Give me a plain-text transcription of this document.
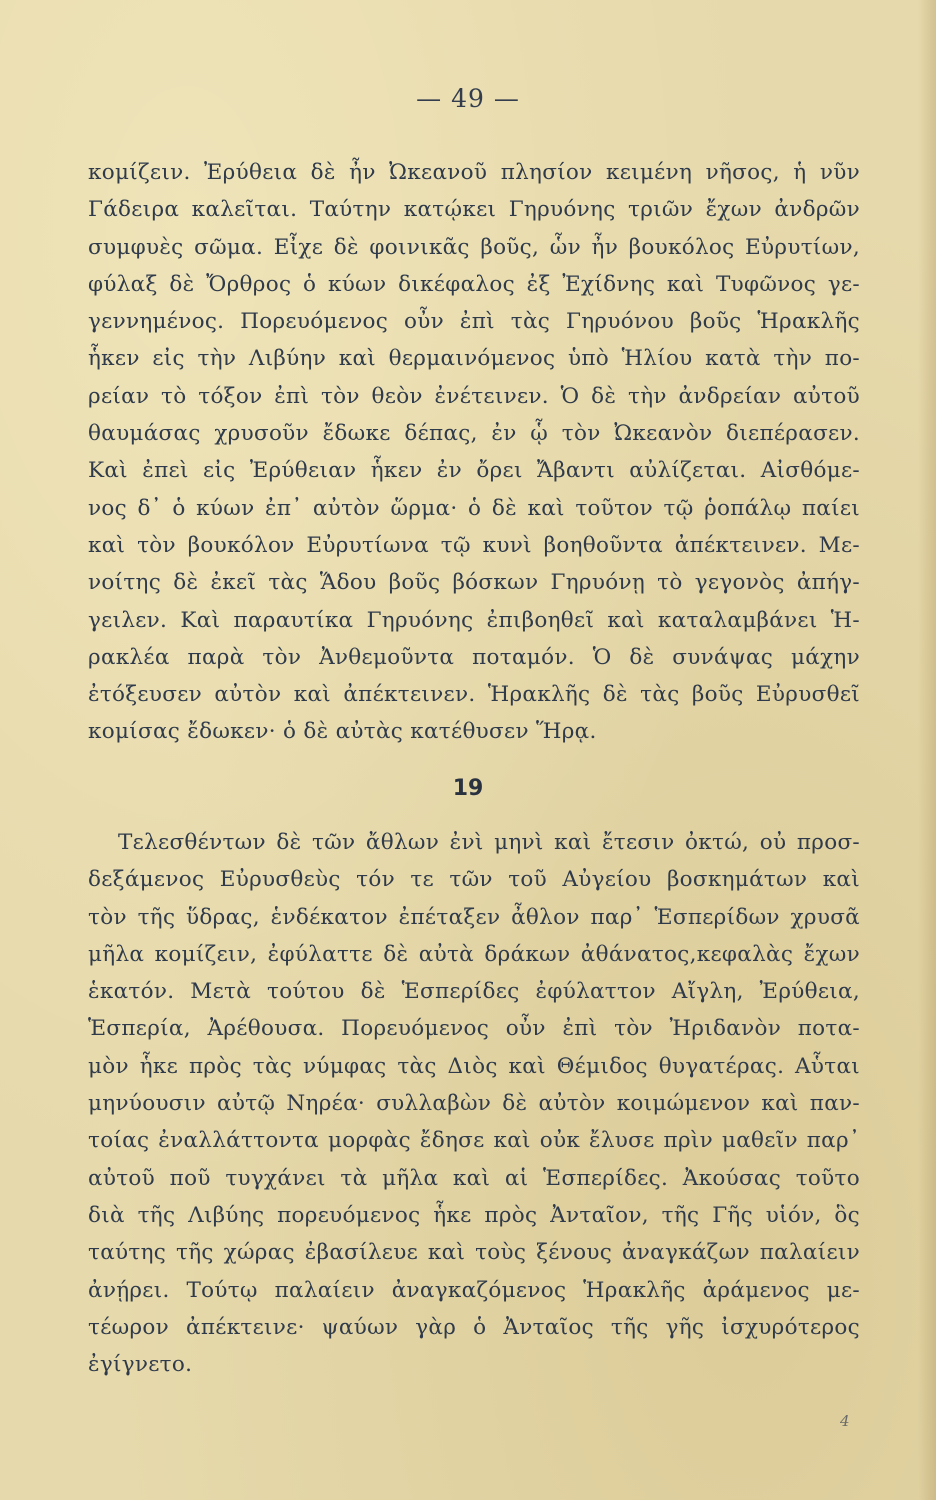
— 49 —
κομίζειν. Ἐρύθεια δὲ ἦν Ὠκεανοῦ πλησίον κειμένη νῆσος, ἡ νῦν
Γάδειρα καλεῖται. Ταύτην κατῴκει Γηρυόνης τριῶν ἔχων ἀνδρῶν
συμφυὲς σῶμα. Εἶχε δὲ φοινικᾶς βοῦς, ὧν ἦν βουκόλος Εὐρυτίων,
φύλαξ δὲ Ὄρθρος ὁ κύων δικέφαλος ἐξ Ἐχίδνης καὶ Τυφῶνος γε-
γεννημένος. Πορευόμενος οὖν ἐπὶ τὰς Γηρυόνου βοῦς Ἡρακλῆς
ἧκεν εἰς τὴν Λιβύην καὶ θερμαινόμενος ὑπὸ Ἡλίου κατὰ τὴν πο-
ρείαν τὸ τόξον ἐπὶ τὸν θεὸν ἐνέτεινεν. Ὁ δὲ τὴν ἀνδρείαν αὐτοῦ
θαυμάσας χρυσοῦν ἔδωκε δέπας, ἐν ᾧ τὸν Ὠκεανὸν διεπέρασεν.
Καὶ ἐπεὶ εἰς Ἐρύθειαν ἧκεν ἐν ὄρει Ἄβαντι αὐλίζεται. Αἰσθόμε-
νος δ᾽ ὁ κύων ἐπ᾽ αὐτὸν ὥρμα· ὁ δὲ καὶ τοῦτον τῷ ῥοπάλῳ παίει
καὶ τὸν βουκόλον Εὐρυτίωνα τῷ κυνὶ βοηθοῦντα ἀπέκτεινεν. Με-
νοίτης δὲ ἐκεῖ τὰς Ἅδου βοῦς βόσκων Γηρυόνῃ τὸ γεγονὸς ἀπήγ-
γειλεν. Καὶ παραυτίκα Γηρυόνης ἐπιβοηθεῖ καὶ καταλαμβάνει Ἡ-
ρακλέα παρὰ τὸν Ἀνθεμοῦντα ποταμόν. Ὁ δὲ συνάψας μάχην
ἐτόξευσεν αὐτὸν καὶ ἀπέκτεινεν. Ἡρακλῆς δὲ τὰς βοῦς Εὐρυσθεῖ
κομίσας ἔδωκεν· ὁ δὲ αὐτὰς κατέθυσεν Ἥρᾳ.
19
Τελεσθέντων δὲ τῶν ἄθλων ἐνὶ μηνὶ καὶ ἔτεσιν ὀκτώ, οὐ προσ-
δεξάμενος Εὐρυσθεὺς τόν τε τῶν τοῦ Αὐγείου βοσκημάτων καὶ
τὸν τῆς ὕδρας, ἑνδέκατον ἐπέταξεν ἆθλον παρ᾽ Ἑσπερίδων χρυσᾶ
μῆλα κομίζειν, ἐφύλαττε δὲ αὐτὰ δράκων ἀθάνατος,κεφαλὰς ἔχων
ἑκατόν. Μετὰ τούτου δὲ Ἑσπερίδες ἐφύλαττον Αἴγλη, Ἐρύθεια,
Ἑσπερία, Ἀρέθουσα. Πορευόμενος οὖν ἐπὶ τὸν Ἠριδανὸν ποτα-
μὸν ἧκε πρὸς τὰς νύμφας τὰς Διὸς καὶ Θέμιδος θυγατέρας. Αὗται
μηνύουσιν αὐτῷ Νηρέα· συλλαβὼν δὲ αὐτὸν κοιμώμενον καὶ παν-
τοίας ἐναλλάττοντα μορφὰς ἔδησε καὶ οὐκ ἔλυσε πρὶν μαθεῖν παρ᾽
αὐτοῦ ποῦ τυγχάνει τὰ μῆλα καὶ αἱ Ἑσπερίδες. Ἀκούσας τοῦτο
διὰ τῆς Λιβύης πορευόμενος ἧκε πρὸς Ἀνταῖον, τῆς Γῆς υἱόν, ὃς
ταύτης τῆς χώρας ἐβασίλευε καὶ τοὺς ξένους ἀναγκάζων παλαίειν
ἀνῄρει. Τούτῳ παλαίειν ἀναγκαζόμενος Ἡρακλῆς ἀράμενος με-
τέωρον ἀπέκτεινε· ψαύων γὰρ ὁ Ἀνταῖος τῆς γῆς ἰσχυρότερος
ἐγίγνετο.
4
